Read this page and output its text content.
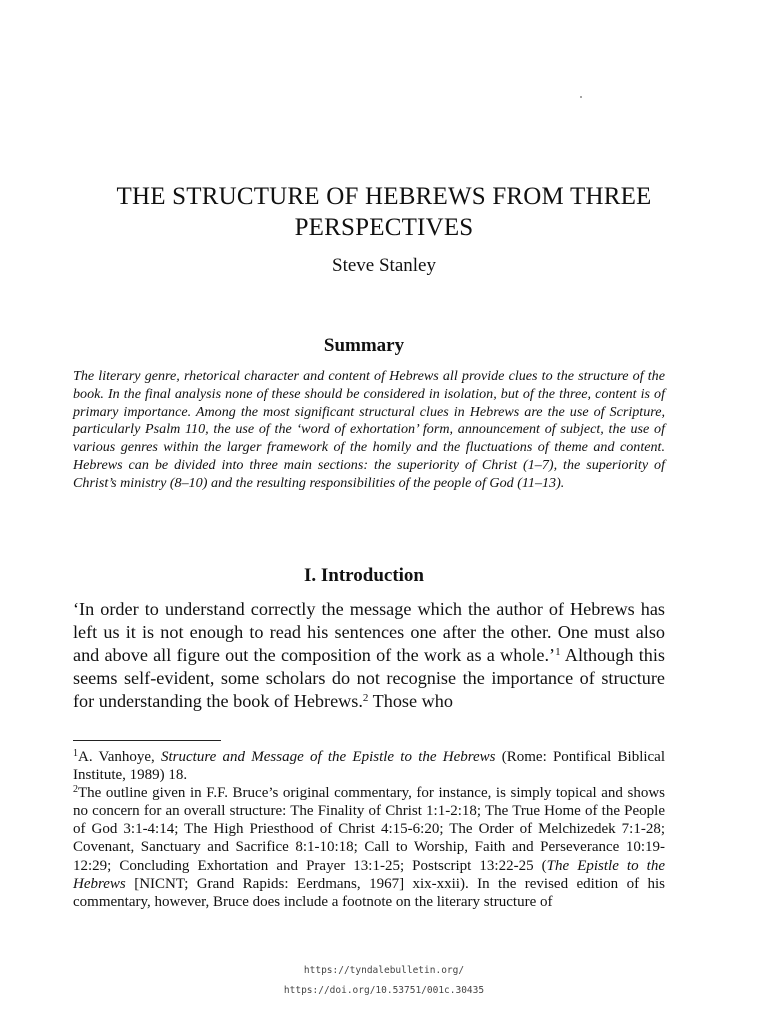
THE STRUCTURE OF HEBREWS FROM THREE
PERSPECTIVES
Steve Stanley
Summary

The literary genre, rhetorical character and content of Hebrews all provide clues to the structure of the book. In the final analysis none of these should be considered in isolation, but of the three, content is of primary importance. Among the most significant structural clues in Hebrews are the use of Scripture, particularly Psalm 110, the use of the ‘word of exhortation’ form, announcement of subject, the use of various genres within the larger framework of the homily and the fluctuations of theme and content. Hebrews can be divided into three main sections: the superiority of Christ (1–7), the superiority of Christ’s ministry (8–10) and the resulting responsibilities of the people of God (11–13).

I. Introduction

‘In order to understand correctly the message which the author of Hebrews has left us it is not enough to read his sentences one after the other. One must also and above all figure out the composition of the work as a whole.’$^1$ Although this seems self-evident, some scholars do not recognise the importance of structure for understanding the book of Hebrews.$^2$ Those who

$^1$A. Vanhoye, Structure and Message of the Epistle to the Hebrews (Rome: Pontifical Biblical Institute, 1989) 18.

$^2$The outline given in F.F. Bruce’s original commentary, for instance, is simply topical and shows no concern for an overall structure: The Finality of Christ 1:1-2:18; The True Home of the People of God 3:1-4:14; The High Priesthood of Christ 4:15-6:20; The Order of Melchizedek 7:1-28; Covenant, Sanctuary and Sacrifice 8:1-10:18; Call to Worship, Faith and Perseverance 10:19-12:29; Concluding Exhortation and Prayer 13:1-25; Postscript 13:22-25 (The Epistle to the Hebrews [NICNT; Grand Rapids: Eerdmans, 1967] xix-xxii). In the revised edition of his commentary, however, Bruce does include a footnote on the literary structure of

https://tyndalebulletin.org/
https://doi.org/10.53751/001c.30435
